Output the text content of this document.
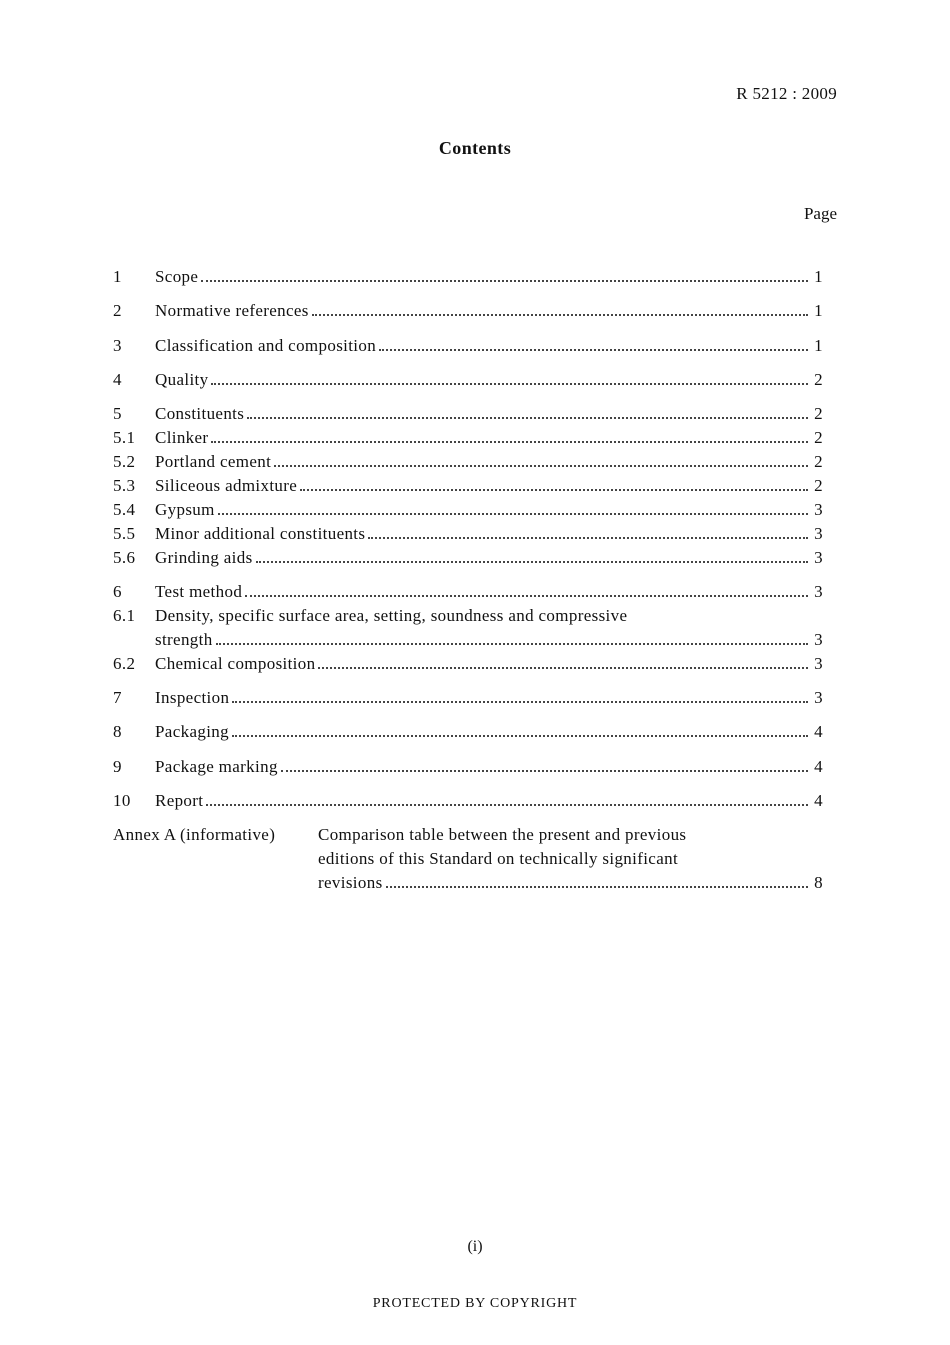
R 5212 : 2009
Contents
Page
1	Scope	1
2	Normative references	1
3	Classification and composition	1
4	Quality	2
5	Constituents	2
5.1	Clinker	2
5.2	Portland cement	2
5.3	Siliceous admixture	2
5.4	Gypsum	3
5.5	Minor additional constituents	3
5.6	Grinding aids	3
6	Test method	3
6.1	Density, specific surface area, setting, soundness and compressive
strength	3
6.2	Chemical composition	3
7	Inspection	3
8	Packaging	4
9	Package marking	4
10	Report	4
Annex A (informative)	Comparison table between the present and previous
editions of this Standard on technically significant
revisions	8
(i)
PROTECTED BY COPYRIGHT
